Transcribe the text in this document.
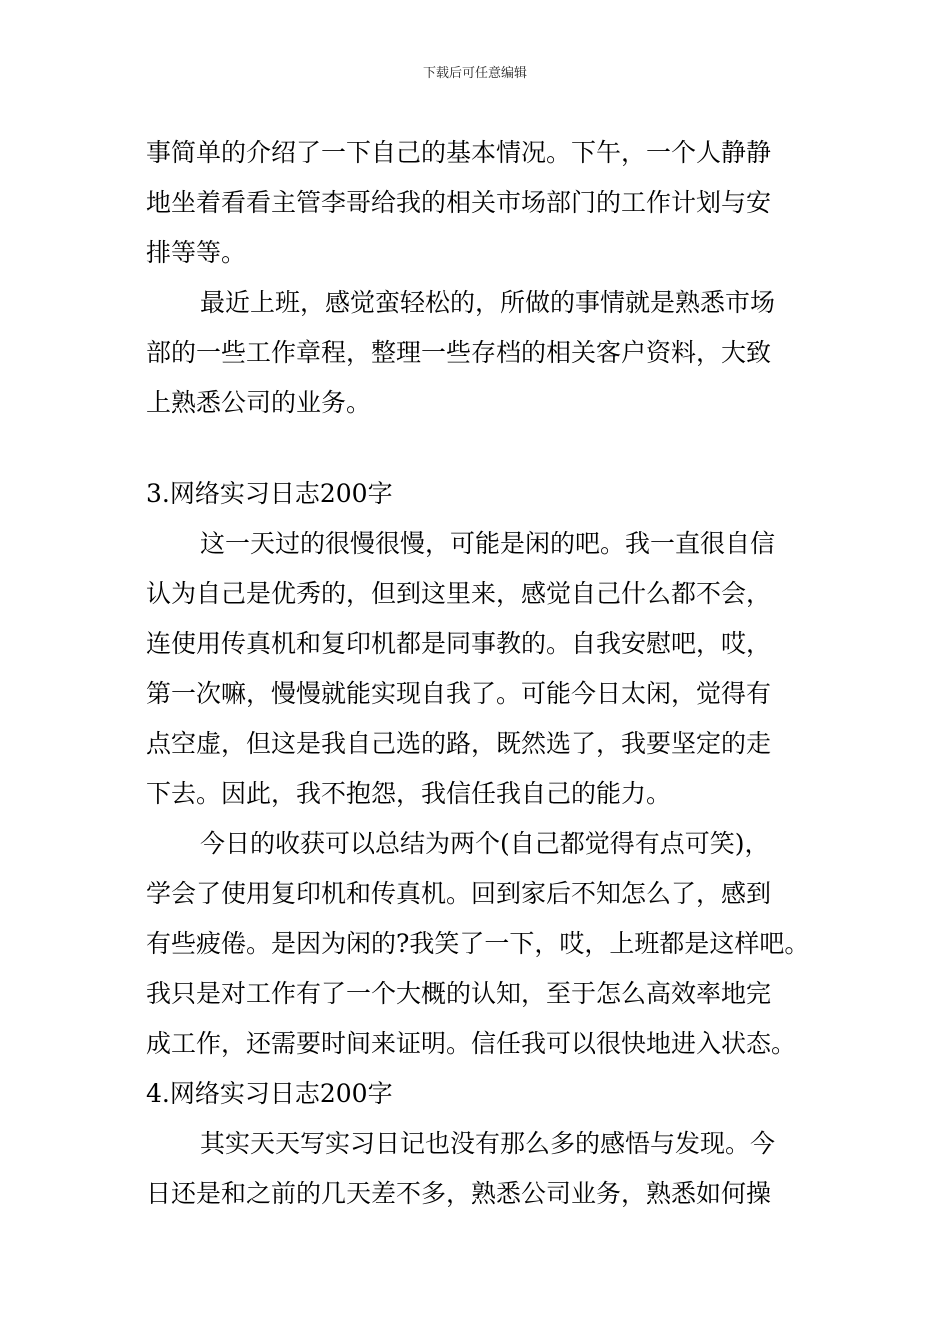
下载后可任意编辑
事简单的介绍了一下自己的基本情况。下午，一个人静静
地坐着看看主管李哥给我的相关市场部门的工作计划与安
排等等。
最近上班，感觉蛮轻松的，所做的事情就是熟悉市场
部的一些工作章程，整理一些存档的相关客户资料，大致
上熟悉公司的业务。
3.网络实习日志200字
这一天过的很慢很慢，可能是闲的吧。我一直很自信
认为自己是优秀的，但到这里来，感觉自己什么都不会，
连使用传真机和复印机都是同事教的。自我安慰吧，哎，
第一次嘛，慢慢就能实现自我了。可能今日太闲，觉得有
点空虚，但这是我自己选的路，既然选了，我要坚定的走
下去。因此，我不抱怨，我信任我自己的能力。
今日的收获可以总结为两个(自己都觉得有点可笑)，
学会了使用复印机和传真机。回到家后不知怎么了，感到
有些疲倦。是因为闲的?我笑了一下，哎，上班都是这样吧。
我只是对工作有了一个大概的认知，至于怎么高效率地完
成工作，还需要时间来证明。信任我可以很快地进入状态。
4.网络实习日志200字
其实天天写实习日记也没有那么多的感悟与发现。今
日还是和之前的几天差不多，熟悉公司业务，熟悉如何操
